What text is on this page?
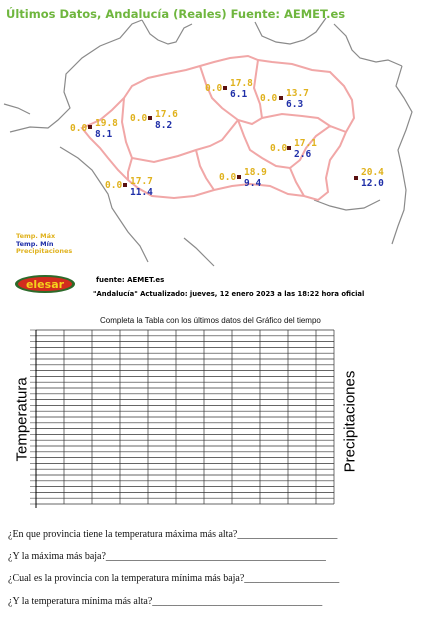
Últimos Datos, Andalucía (Reales) Fuente: AEMET.es
0.0 19.8
8.1
0.0 17.6
8.2
0.0 17.8
6.1 0.0 13.7
6.3
0.0 17.1
2.6
0.0 17.7
11.4
0.0 18.9
9.4
20.4
12.0
Temp. Máx
Temp. Mín
Precipitaciones
elesar	fuente: AEMET.es
"Andalucía" Actualizado: jueves, 12 enero 2023 a las 18:22 hora oficial
Completa la Tabla con los últimos datos del Gráfico del tiempo
Temperatura	Precipitaciones
¿En que provincia tiene la temperatura máxima más alta?____________________
¿Y la máxima más baja?____________________________________________
¿Cual es la provincia con la temperatura mínima más baja?___________________
¿Y la temperatura mínima más alta?__________________________________
